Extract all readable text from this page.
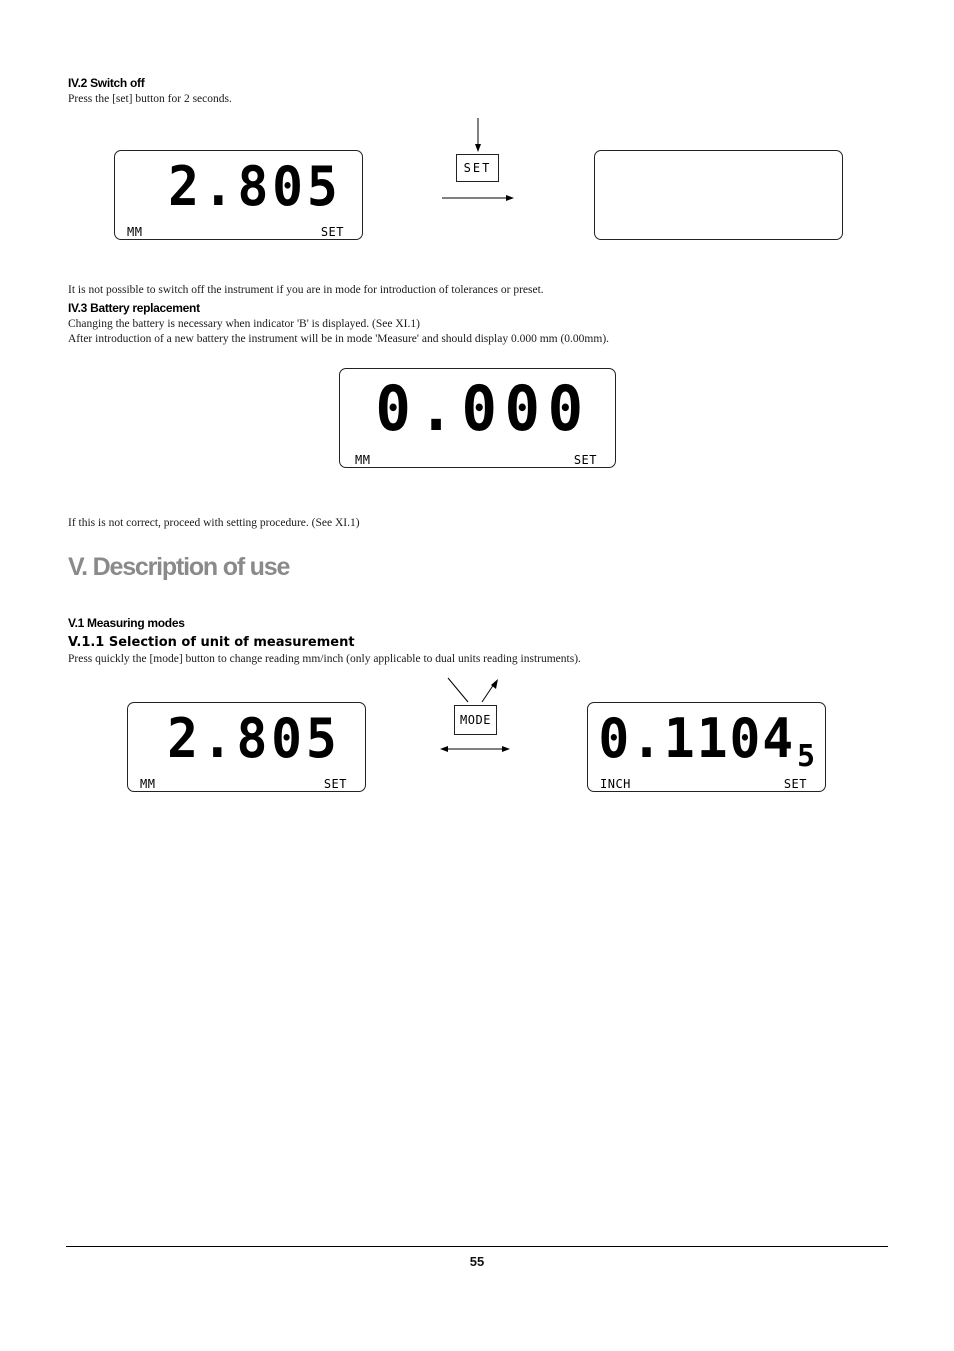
IV.2 Switch off
Press the [set] button for 2 seconds.
2.805
MM	SET
SET
It is not possible to switch off the instrument if you are in mode for introduction of tolerances or preset.
IV.3 Battery replacement
Changing the battery is necessary when indicator 'B' is displayed. (See XI.1)
After introduction of a new battery the instrument will be in mode 'Measure' and should display 0.000 mm (0.00mm).
0.000
MM	SET
If this is not correct, proceed with setting procedure. (See XI.1)
V. Description of use
V.1 Measuring modes
V.1.1 Selection of unit of measurement
Press quickly the [mode] button to change reading mm/inch (only applicable to dual units reading instruments).
2.805
MM	SET
MODE 0.1104 5
INCH	SET
55
